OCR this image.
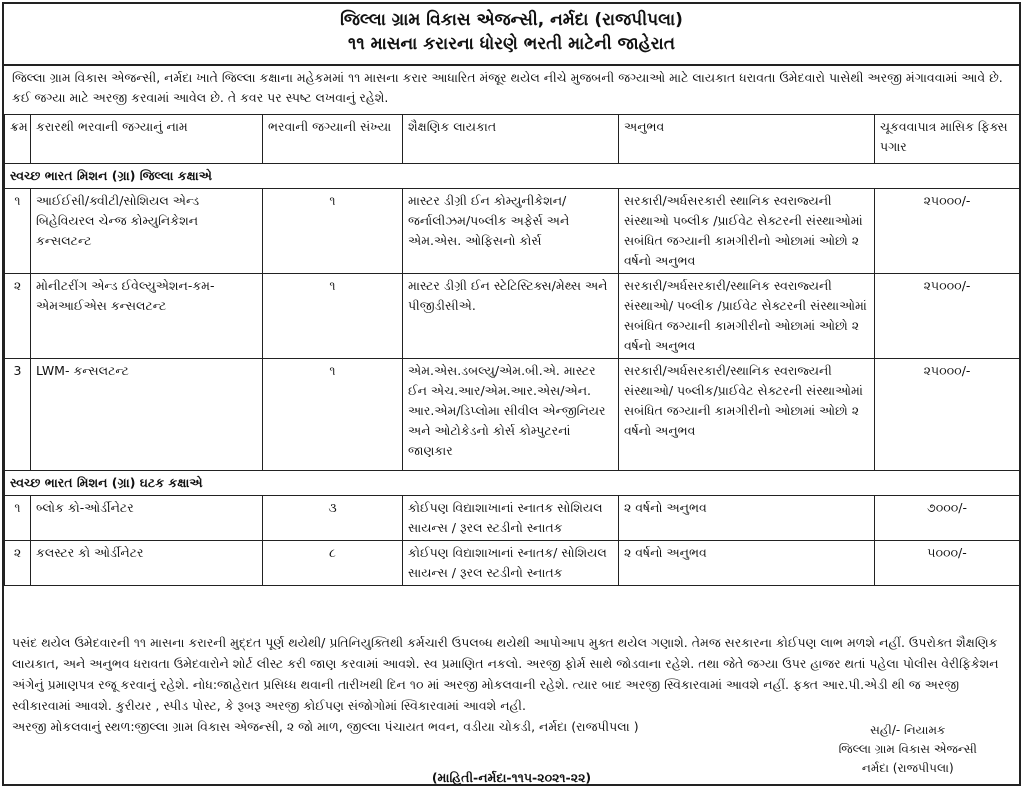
જિલ્લા ગ્રામ વિકાસ એજન્સી, નર્મદા (રાજપીપલા)
૧૧ માસના કરારના ધોરણે ભરતી માટેની જાહેરાત
જિલ્લા ગ્રામ વિકાસ એજન્સી, નર્મદા ખાતે જિલ્લા કક્ષાના મહેકમમાં ૧૧ માસના કરાર આધારિત મંજૂર થયેલ નીચે મુજબની જગ્યાઓ માટે લાયકાત ધરાવતા ઉમેદવારો પાસેથી અરજી મંગાવવામાં આવે છે. કઈ જગ્યા માટે અરજી કરવામાં આવેલ છે. તે કવર પર સ્પષ્ટ લખવાનું રહેશે.
ક્રમ	કરારથી ભરવાની જગ્યાનું નામ	ભરવાની જગ્યાની સંખ્યા	શૈક્ષણિક લાયકાત	અનુભવ	ચૂકવવાપાત્ર માસિક ફિક્સ પગાર
સ્વચ્છ ભારત મિશન (ગ્રા) જિલ્લા કક્ષાએ					
૧	આઈઈસી/ક્વીટી/સોશિયલ એન્ડ બિહેવિયરલ ચેન્જ કોમ્યુનિકેશન કન્સલટન્ટ	૧	માસ્ટર ડીગ્રી ઈન કોમ્યુનીકેશન/ જર્નાલીઝમ/પબ્લીક અફેર્સ અને એમ.એસ. ઓફિસનો કોર્સ	સરકારી/અર્ધસરકારી સ્થાનિક સ્વરાજ્યની સંસ્થાઓ પબ્લીક /પ્રાઈવેટ સેક્ટરની સંસ્થાઓમાં સબંધિત જગ્યાની કામગીરીનો ઓછામાં ઓછો ૨ વર્ષનો અનુભવ	૨૫૦૦૦/-
૨	મોનીટરીંગ એન્ડ ઈવેલ્યુએશન-કમ-એમઆઈએસ કન્સલટન્ટ	૧	માસ્ટર ડીગ્રી ઈન સ્ટેટિસ્ટિક્સ/મેથ્સ અને પીજીડીસીએ.	સરકારી/અર્ધસરકારી/સ્થાનિક સ્વરાજ્યની સંસ્થાઓ/ પબ્લીક /પ્રાઈવેટ સેક્ટરની સંસ્થાઓમાં સબંધિત જગ્યાની કામગીરીનો ઓછામાં ઓછો ૨ વર્ષનો અનુભવ	૨૫૦૦૦/-
3	LWM- કન્સલટન્ટ	૧	એમ.એસ.ડબલ્યુ/એમ.બી.એ. માસ્ટર ઈન એચ.આર/એમ.આર.એસ/એન. આર.એમ/ડિપ્લોમા સીવીલ એન્જીનિયર અને ઓટોકેડનો કોર્સ કોમ્પુટરનાં જાણકાર	સરકારી/અર્ધસરકારી/સ્થાનિક સ્વરાજ્યની સંસ્થાઓ/ પબ્લીક/પ્રાઈવેટ સેક્ટરની સંસ્થાઓમાં સબંધિત જગ્યાની કામગીરીનો ઓછામાં ઓછો ૨ વર્ષનો અનુભવ	૨૫૦૦૦/-
સ્વચ્છ ભારત મિશન (ગ્રા) ઘટક કક્ષાએ					
૧	બ્લોક કો-ઓર્ડીનેટર	૩	કોઈપણ વિદ્યાશાખાનાં સ્નાતક સોશિયલ સાયન્સ / રૂરલ સ્ટડીનો સ્નાતક	૨ વર્ષનો અનુભવ	૭૦૦૦/-
૨	કલસ્ટર કો ઓર્ડીનેટર	૮	કોઈપણ વિદ્યાશાખાનાં સ્નાતક/ સોશિયલ સાયન્સ / રૂરલ સ્ટડીનો સ્નાતક	૨ વર્ષનો અનુભવ	૫૦૦૦/-
પસંદ થયેલ ઉમેદવારની ૧૧ માસના કરારની મુદ્દત પૂર્ણ થયેથી/ પ્રતિનિયુક્તિથી કર્મચારી ઉપલબ્ધ થયેથી આપોઆપ મુક્ત થયેલ ગણાશે. તેમજ સરકારના કોઈપણ લાભ મળશે નહીં. ઉપરોક્ત શૈક્ષણિક લાયકાત, અને અનુભવ ધરાવતા ઉમેદવારોને શોર્ટ લીસ્ટ કરી જાણ કરવામાં આવશે. સ્વ પ્રમાણિત નકલો. અરજી ફોર્મ સાથે જોડવાના રહેશે. તથા જેતે જગ્યા ઉપર હાજર થતાં પહેલા પોલીસ વેરીફિકેશન અંગેનું પ્રમાણપત્ર રજૂ કરવાનું રહેશે. નોધ:જાહેરાત પ્રસિધ્ધ થવાની તારીખથી દિન ૧૦ માં અરજી મોકલવાની રહેશે. ત્યાર બાદ અરજી સ્વિકારવામાં આવશે નહીં. ફક્ત આર.પી.એડી થી જ અરજી સ્વીકારવામાં આવશે. કુરીયર , સ્પીડ પોસ્ટ, કે રૂબરૂ અરજી કોઈપણ સંજોગોમાં સ્વિકારવામાં આવશે નહી.
અરજી મોકલવાનું સ્થળ:જીલ્લા ગ્રામ વિકાસ એજન્સી, ૨ જો માળ, જીલ્લા પંચાયત ભવન, વડીયા ચોકડી, નર્મદા (રાજપીપલા )	સહી/- નિયામક
જિલ્લા ગ્રામ વિકાસ એજન્સી
નર્મદા (રાજપીપલા)
(માહિતી-નર્મદા-૧૧૫-૨૦૨૧-૨૨)
